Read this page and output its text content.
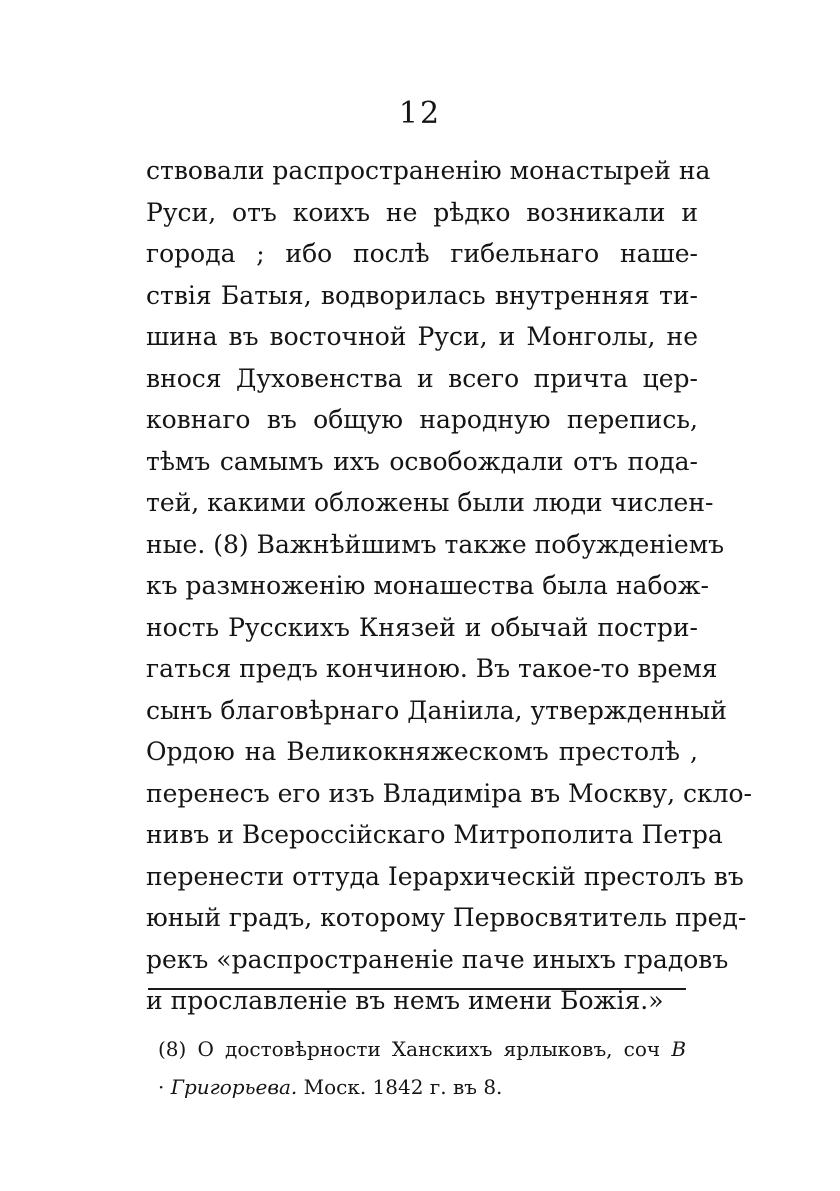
12
ствовали распространенію монастырей на
Руси, отъ коихъ не рѣдко возникали и
города ; ибо послѣ гибельнаго наше-
ствія Батыя, водворилась внутренняя ти-
шина въ восточной Руси, и Монголы, не
внося Духовенства и всего причта цер-
ковнаго въ общую народную перепись,
тѣмъ самымъ ихъ освобождали отъ пода-
тей, какими обложены были люди числен-
ные. (8) Важнѣйшимъ также побужденіемъ
къ размноженію монашества была набож-
ность Русскихъ Князей и обычай постри-
гаться предъ кончиною. Въ такое-то время
сынъ благовѣрнаго Даніила, утвержденный
Ордою на Великокняжескомъ престолѣ ,
перенесъ его изъ Владиміра въ Москву, скло-
нивъ и Всероссійскаго Митрополита Петра
перенести оттуда Іерархическій престолъ въ
юный градъ, которому Первосвятитель пред-
рекъ «распространеніе паче иныхъ градовъ
и прославленіе въ немъ имени Божія.»
(8) О достовѣрности Ханскихъ ярлыковъ, соч В
· Григорьева. Моск. 1842 г. въ 8.
